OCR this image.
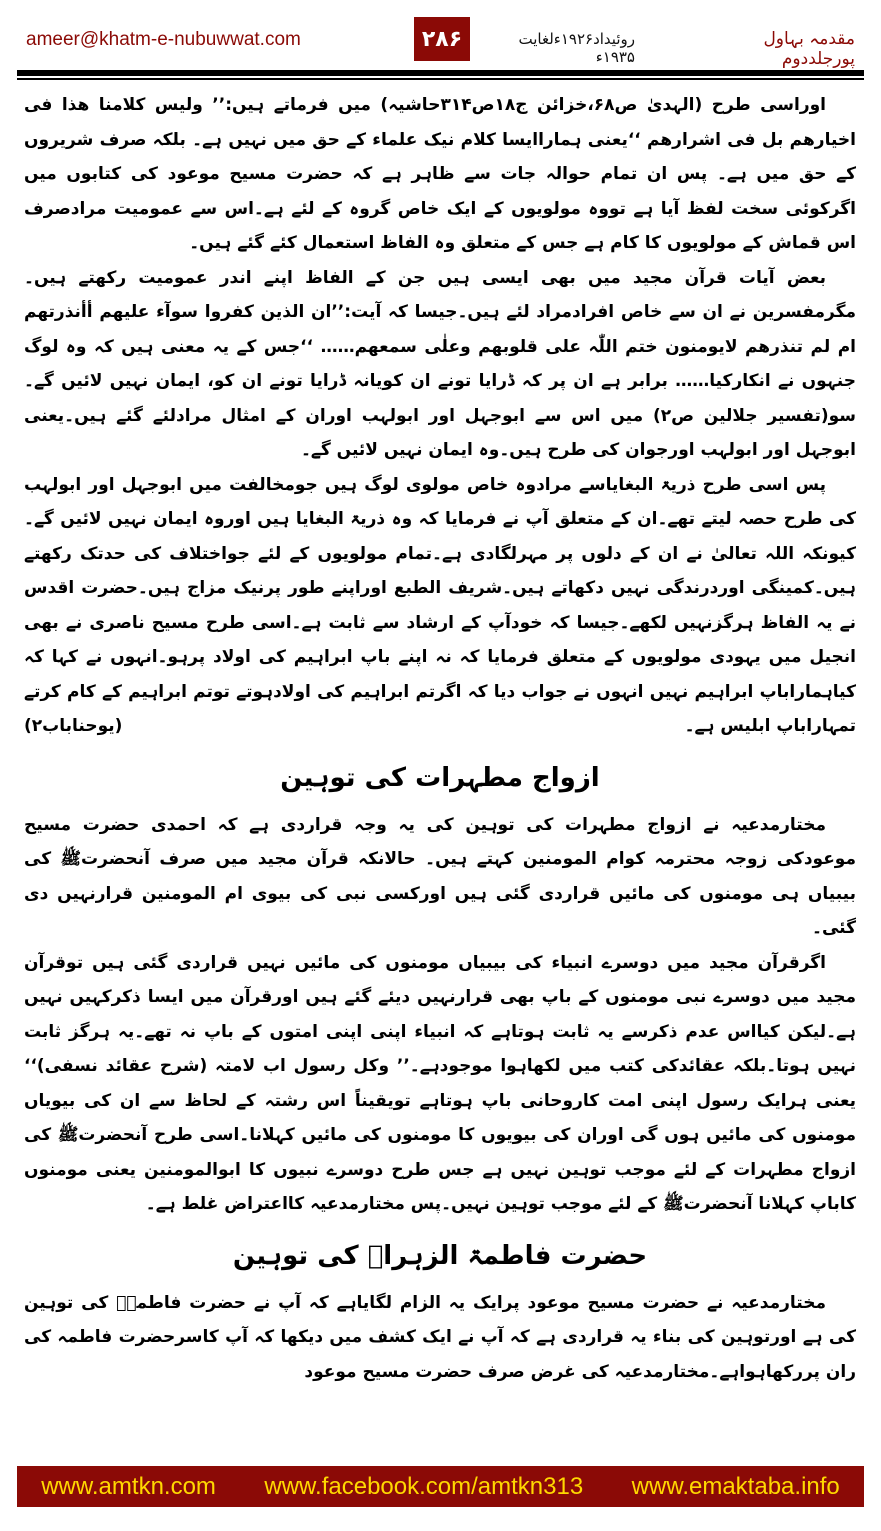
ameer@khatm-e-nubuwwat.com	۲۸۶	روئیداد۱۹۲۶ءلغایت ۱۹۳۵ء
مقدمہ بہاول پورجلددوم

اوراسی طرح (الہدیٰ ص۶۸،خزائن ج۱۸ص۳۱۴حاشیہ) میں فرماتے ہیں:’’ ولیس کلامنا ھذا فی اخیارھم بل فی اشرارھم ‘‘یعنی ہماراایسا کلام نیک علماء کے حق میں نہیں ہے۔ بلکہ صرف شریروں کے حق میں ہے۔ پس ان تمام حوالہ جات سے ظاہر ہے کہ حضرت مسیح موعود کی کتابوں میں اگرکوئی سخت لفظ آیا ہے تووہ مولویوں کے ایک خاص گروہ کے لئے ہے۔اس سے عمومیت مرادصرف اس قماش کے مولویوں کا کام ہے جس کے متعلق وہ الفاظ استعمال کئے گئے ہیں۔

بعض آیات قرآن مجید میں بھی ایسی ہیں جن کے الفاظ اپنے اندر عمومیت رکھتے ہیں۔مگرمفسرین نے ان سے خاص افرادمراد لئے ہیں۔جیسا کہ آیت:’’ان الذین کفروا سوآء علیھم أأنذرتھم ام لم تنذرھم لایومنون ختم اللّٰہ علی قلوبھم وعلٰی سمعھم…… ‘‘جس کے یہ معنی ہیں کہ وہ لوگ جنہوں نے انکارکیا…… برابر ہے ان پر کہ ڈرایا تونے ان کویانہ ڈرایا تونے ان کو، ایمان نہیں لائیں گے۔سو(تفسیر جلالین ص۲) میں اس سے ابوجہل اور ابولہب اوران کے امثال مرادلئے گئے ہیں۔یعنی ابوجہل اور ابولہب اورجوان کی طرح ہیں۔وہ ایمان نہیں لائیں گے۔

پس اسی طرح ذریۃ البغایاسے مرادوہ خاص مولوی لوگ ہیں جومخالفت میں ابوجہل اور ابولہب کی طرح حصہ لیتے تھے۔ان کے متعلق آپ نے فرمایا کہ وہ ذریۃ البغایا ہیں اوروہ ایمان نہیں لائیں گے۔ کیونکہ اللہ تعالیٰ نے ان کے دلوں پر مہرلگادی ہے۔تمام مولویوں کے لئے جواختلاف کی حدتک رکھتے ہیں۔کمینگی اوردرندگی نہیں دکھاتے ہیں۔شریف الطبع اوراپنے طور پرنیک مزاج ہیں۔حضرت اقدس نے یہ الفاظ ہرگزنہیں لکھے۔جیسا کہ خودآپ کے ارشاد سے ثابت ہے۔اسی طرح مسیح ناصری نے بھی انجیل میں یہودی مولویوں کے متعلق فرمایا کہ نہ اپنے باپ ابراہیم کی اولاد پرہو۔انہوں نے کہا کہ کیاہماراباپ ابراہیم نہیں انہوں نے جواب دیا کہ اگرتم ابراہیم کی اولادہوتے توتم ابراہیم کے کام کرتے تمہاراباپ ابلیس ہے۔
(یوحناباب۲)

ازواج مطہرات کی توہین

مختارمدعیہ نے ازواج مطہرات کی توہین کی یہ وجہ قراردی ہے کہ احمدی حضرت مسیح موعودکی زوجہ محترمہ کوام المومنین کہتے ہیں۔ حالانکہ قرآن مجید میں صرف آنحضرتﷺ کی بیبیاں ہی مومنوں کی مائیں قراردی گئی ہیں اورکسی نبی کی بیوی ام المومنین قرارنہیں دی گئی۔

اگرقرآن مجید میں دوسرے انبیاء کی بیبیاں مومنوں کی مائیں نہیں قراردی گئی ہیں توقرآن مجید میں دوسرے نبی مومنوں کے باپ بھی قرارنہیں دیئے گئے ہیں اورقرآن میں ایسا ذکرکہیں نہیں ہے۔لیکن کیااس عدم ذکرسے یہ ثابت ہوتاہے کہ انبیاء اپنی اپنی امتوں کے باپ نہ تھے۔یہ ہرگز ثابت نہیں ہوتا۔بلکہ عقائدکی کتب میں لکھاہوا موجودہے۔’’ وکل رسول اب لامتہ (شرح عقائد نسفی)‘‘ یعنی ہرایک رسول اپنی امت کاروحانی باپ ہوتاہے تویقیناً اس رشتہ کے لحاظ سے ان کی بیویاں مومنوں کی مائیں ہوں گی اوران کی بیویوں کا مومنوں کی مائیں کہلانا۔اسی طرح آنحضرتﷺ کی ازواج مطہرات کے لئے موجب توہین نہیں ہے جس طرح دوسرے نبیوں کا ابوالمومنین یعنی مومنوں کاباپ کہلانا آنحضرتﷺ کے لئے موجب توہین نہیں۔پس مختارمدعیہ کااعتراض غلط ہے۔

حضرت فاطمۃ الزہراؓ کی توہین

مختارمدعیہ نے حضرت مسیح موعود پرایک یہ الزام لگایاہے کہ آپ نے حضرت فاطمہؓ کی توہین کی ہے اورتوہین کی بناء یہ قراردی ہے کہ آپ نے ایک کشف میں دیکھا کہ آپ کاسرحضرت فاطمہ کی ران پررکھاہواہے۔مختارمدعیہ کی غرض صرف حضرت مسیح موعود

www.amtkn.com www.facebook.com/amtkn313 www.emaktaba.info
